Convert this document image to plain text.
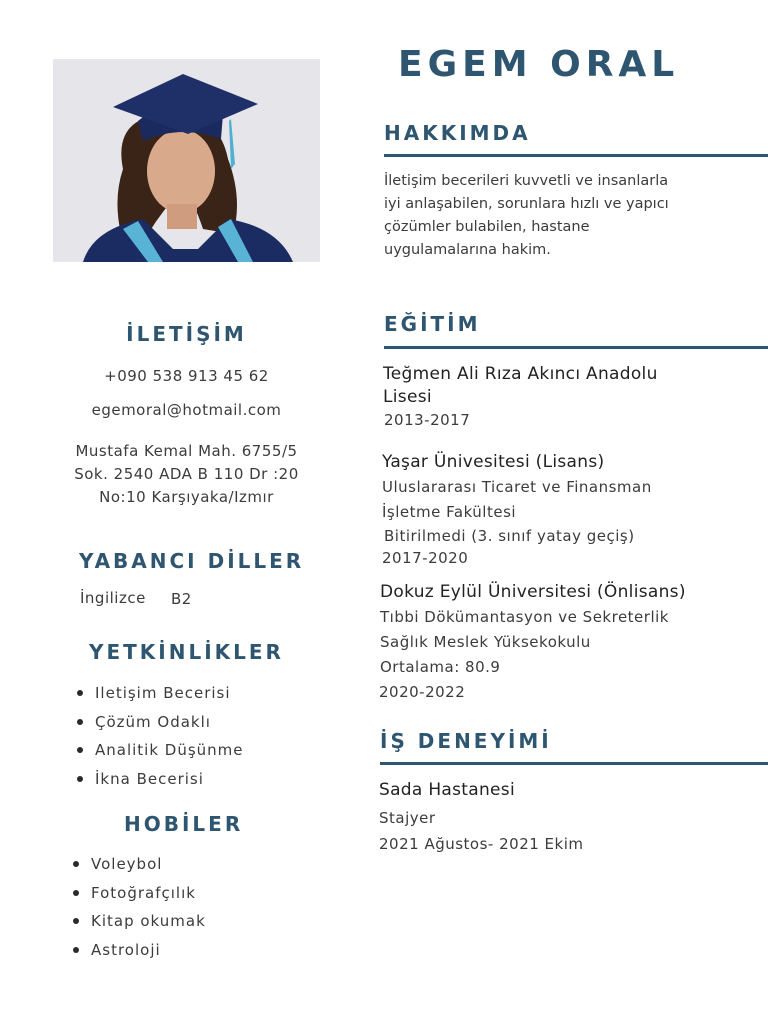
EGEM ORAL
HAKKIMDA
İletişim becerileri kuvvetli ve insanlarla
iyi anlaşabilen, sorunlara hızlı ve yapıcı
çözümler bulabilen, hastane
uygulamalarına hakim.
İLETİŞİM
+090 538 913 45 62
egemoral@hotmail.com
Mustafa Kemal Mah. 6755/5
Sok. 2540 ADA B 110 Dr :20
No:10 Karşıyaka/Izmır
YABANCI DİLLER
İngilizce B2
YETKİNLİKLER
Iletişim Becerisi
Çözüm Odaklı
Analitik Düşünme
İkna Becerisi
HOBİLER
Voleybol
Fotoğrafçılık
Kitap okumak
Astroloji
EĞİTİM
Teğmen Ali Rıza Akıncı Anadolu
Lisesi
2013-2017
Yaşar Ünivesitesi (Lisans)
Uluslararası Ticaret ve Finansman
İşletme Fakültesi
Bitirilmedi (3. sınıf yatay geçiş)
2017-2020
Dokuz Eylül Üniversitesi (Önlisans)
Tıbbi Dökümantasyon ve Sekreterlik
Sağlık Meslek Yüksekokulu
Ortalama: 80.9
2020-2022
İŞ DENEYİMİ
Sada Hastanesi
Stajyer
2021 Ağustos- 2021 Ekim
